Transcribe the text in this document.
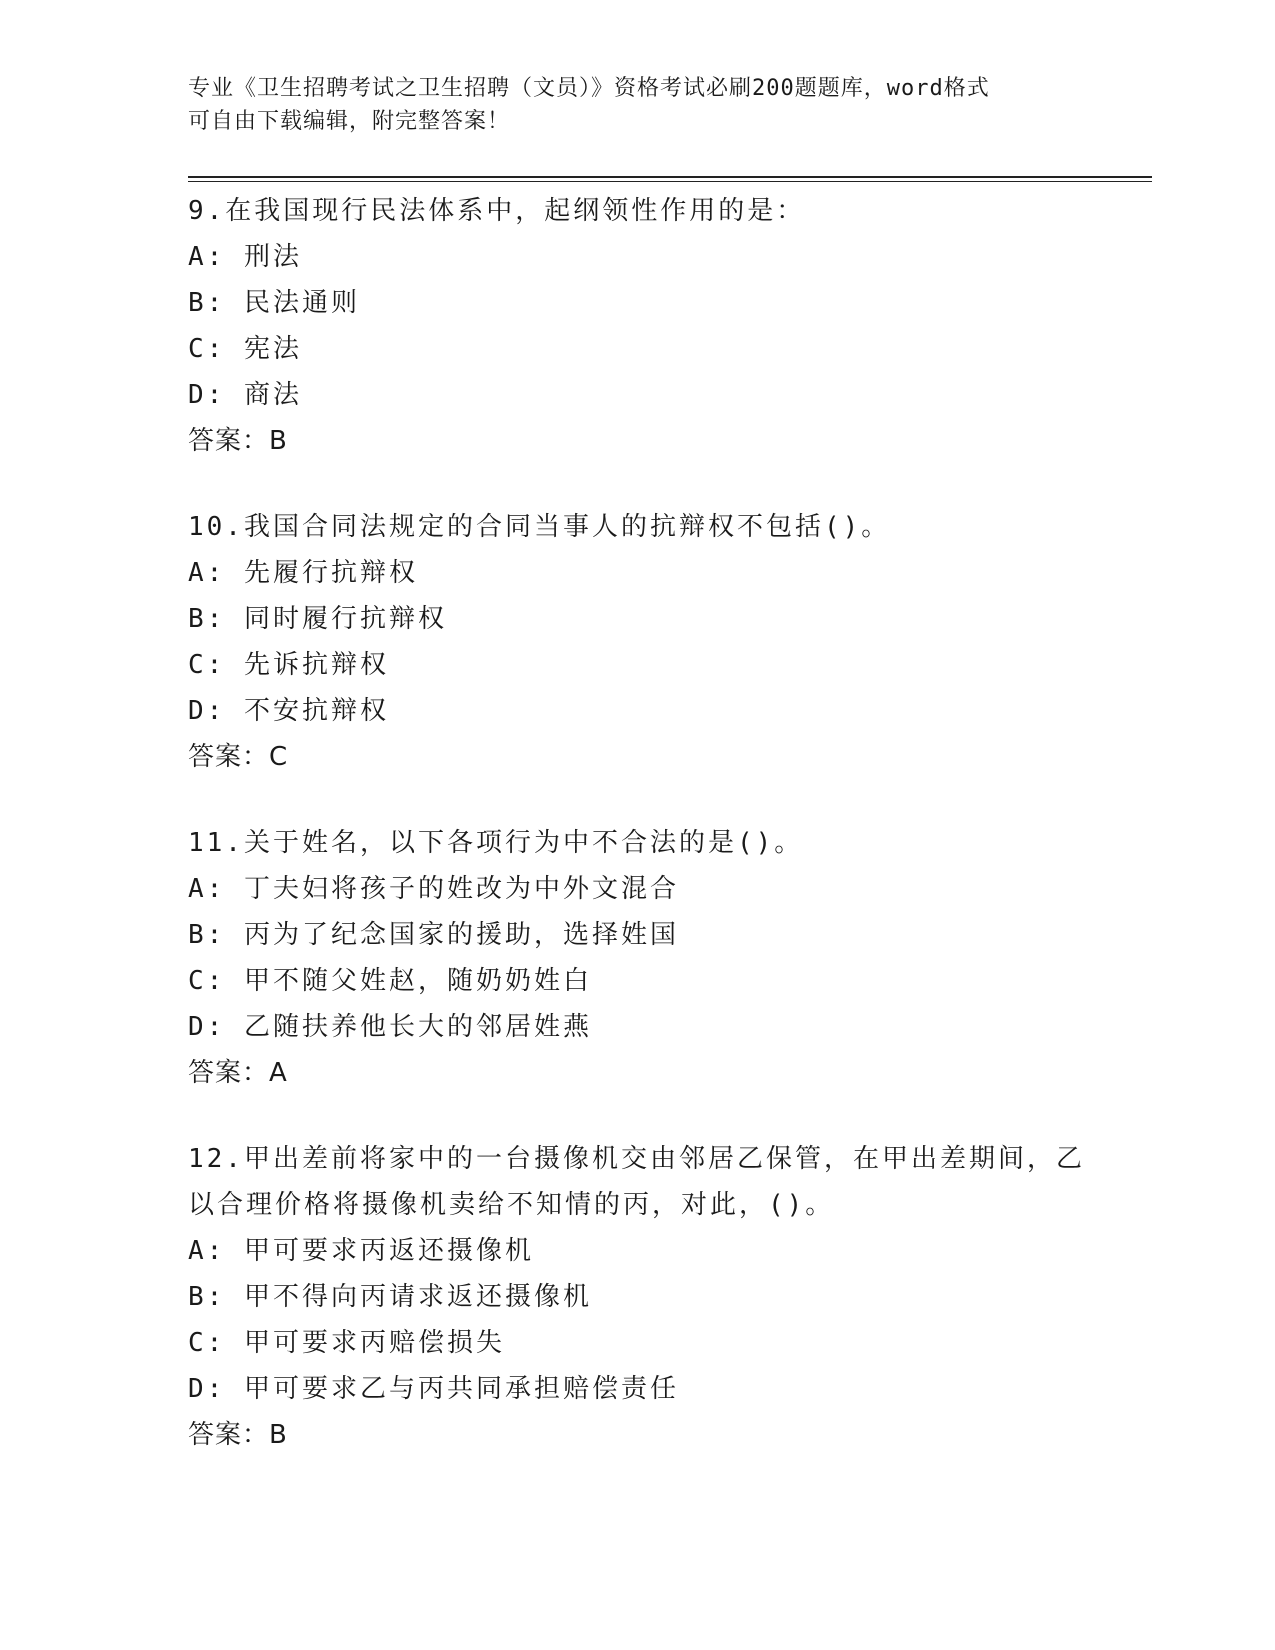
专业《卫生招聘考试之卫生招聘（文员）》资格考试必刷200题题库，word格式
可自由下载编辑，附完整答案！
9.在我国现行民法体系中，起纲领性作用的是：
A: 刑法
B: 民法通则
C: 宪法
D: 商法
答案：B
10.我国合同法规定的合同当事人的抗辩权不包括()。
A: 先履行抗辩权
B: 同时履行抗辩权
C: 先诉抗辩权
D: 不安抗辩权
答案：C
11.关于姓名，以下各项行为中不合法的是()。
A: 丁夫妇将孩子的姓改为中外文混合
B: 丙为了纪念国家的援助，选择姓国
C: 甲不随父姓赵，随奶奶姓白
D: 乙随扶养他长大的邻居姓燕
答案：A
12.甲出差前将家中的一台摄像机交由邻居乙保管，在甲出差期间，乙
以合理价格将摄像机卖给不知情的丙，对此，()。
A: 甲可要求丙返还摄像机
B: 甲不得向丙请求返还摄像机
C: 甲可要求丙赔偿损失
D: 甲可要求乙与丙共同承担赔偿责任
答案：B
